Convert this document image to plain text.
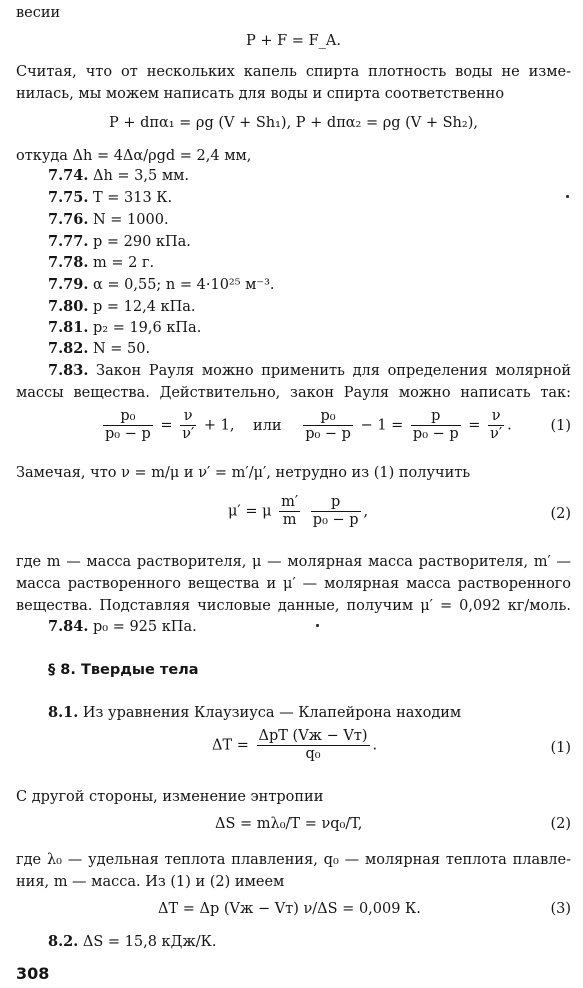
весии
P + F = F_A.
Считая, что от нескольких капель спирта плотность воды не изме-
нилась, мы можем написать для воды и спирта соответственно
P + dπα₁ = ρg (V + Sh₁), P + dπα₂ = ρg (V + Sh₂),
откуда Δh = 4Δα/ρgd = 2,4 мм,
7.74. Δh = 3,5 мм.
7.75. T = 313 К.
7.76. N = 1000.
7.77. p = 290 кПа.
7.78. m = 2 г.
7.79. α = 0,55; n = 4·10²⁵ м⁻³.
7.80. p = 12,4 кПа.
7.81. p₂ = 19,6 кПа.
7.82. N = 50.
7.83. Закон Рауля можно применить для определения молярной
массы вещества. Действительно, закон Рауля можно написать так:
$\frac{\text{p₀}}{\text{p₀ − p}} = \frac{\nu}{\nu'} + 1$, или $\frac{\text{p₀}}{\text{p₀ − p}} - 1 = \frac{p}{\text{p₀ − p}} = \frac{\nu}{\nu'}$ .	(1)
Замечая, что ν = m/μ и ν′ = m′/μ′, нетрудно из (1) получить
μ′ = μ $\frac{m'}{m}$
$\frac{p}{\text{p₀ − p}}$ ,	(2)
где m — масса растворителя, μ — молярная масса растворителя, m′ —
масса растворенного вещества и μ′ — молярная масса растворенного
вещества. Подставляя числовые данные, получим μ′ = 0,092 кг/моль.
7.84. p₀ = 925 кПа.
§ 8. Твердые тела
8.1. Из уравнения Клаузиуса — Клапейрона находим
$\Delta T = \frac{\text{ΔpT (Vж − Vт)}}{\text{q₀}}$ .	(1)
С другой стороны, изменение энтропии
ΔS = mλ₀/T = νq₀/T,	(2)
где λ₀ — удельная теплота плавления, q₀ — молярная теплота плавле-
ния, m — масса. Из (1) и (2) имеем
ΔT = Δp (Vж − Vт) ν/ΔS = 0,009 К.	(3)
8.2. ΔS = 15,8 кДж/К.
308
